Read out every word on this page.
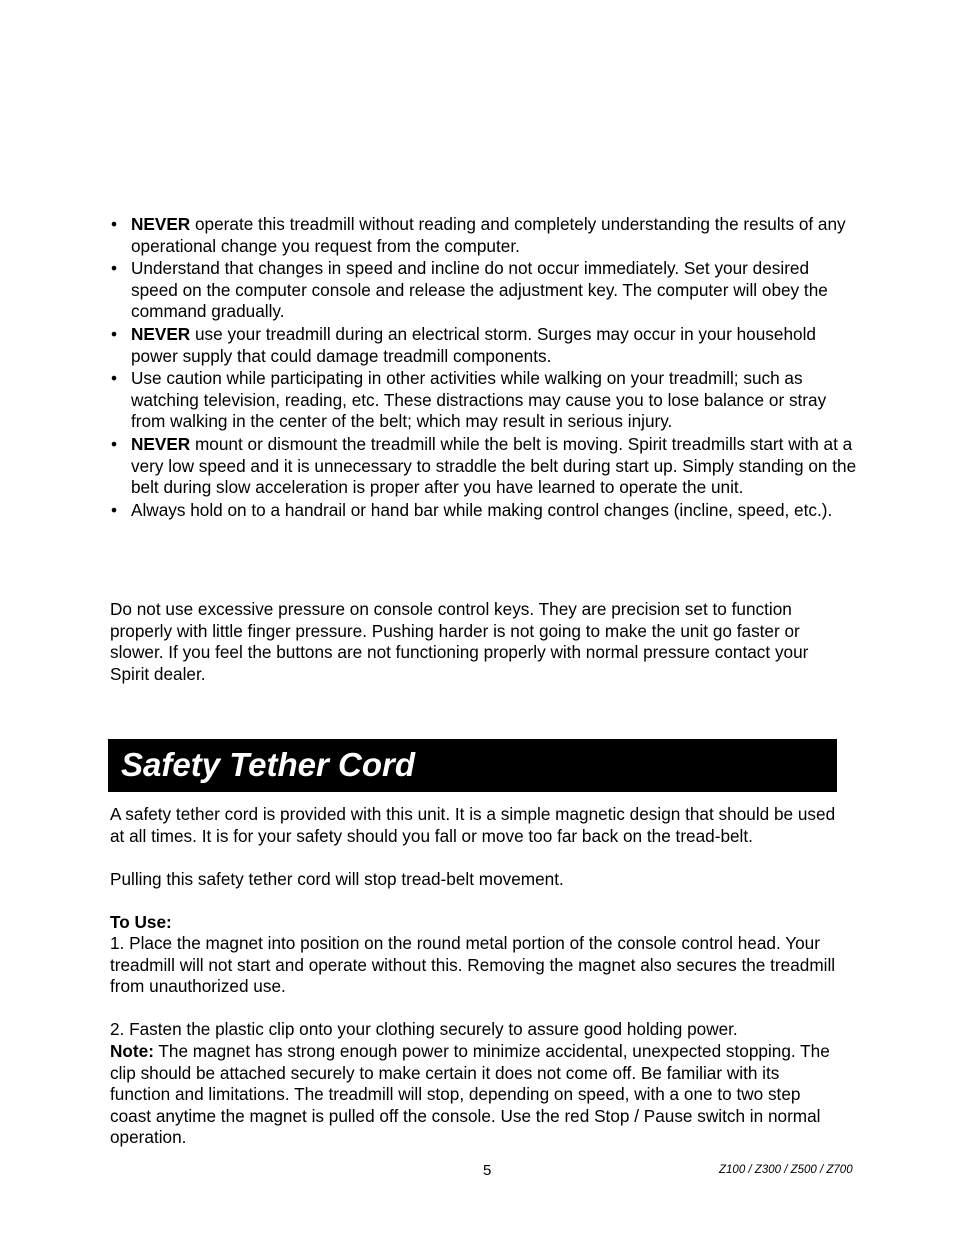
• NEVER operate this treadmill without reading and completely understanding the results of any operational change you request from the computer.
• Understand that changes in speed and incline do not occur immediately. Set your desired speed on the computer console and release the adjustment key. The computer will obey the command gradually.
• NEVER use your treadmill during an electrical storm. Surges may occur in your household power supply that could damage treadmill components.
• Use caution while participating in other activities while walking on your treadmill; such as watching television, reading, etc. These distractions may cause you to lose balance or stray from walking in the center of the belt; which may result in serious injury.
• NEVER mount or dismount the treadmill while the belt is moving. Spirit treadmills start with at a very low speed and it is unnecessary to straddle the belt during start up. Simply standing on the belt during slow acceleration is proper after you have learned to operate the unit.
• Always hold on to a handrail or hand bar while making control changes (incline, speed, etc.).

Do not use excessive pressure on console control keys. They are precision set to function properly with little finger pressure. Pushing harder is not going to make the unit go faster or slower. If you feel the buttons are not functioning properly with normal pressure contact your Spirit dealer.

Safety Tether Cord

A safety tether cord is provided with this unit. It is a simple magnetic design that should be used at all times. It is for your safety should you fall or move too far back on the tread-belt.

Pulling this safety tether cord will stop tread-belt movement.

To Use:

1. Place the magnet into position on the round metal portion of the console control head. Your treadmill will not start and operate without this. Removing the magnet also secures the treadmill from unauthorized use.

2. Fasten the plastic clip onto your clothing securely to assure good holding power.

Note: The magnet has strong enough power to minimize accidental, unexpected stopping. The clip should be attached securely to make certain it does not come off. Be familiar with its function and limitations. The treadmill will stop, depending on speed, with a one to two step coast anytime the magnet is pulled off the console. Use the red Stop / Pause switch in normal operation.

5	Z100 / Z300 / Z500 / Z700
